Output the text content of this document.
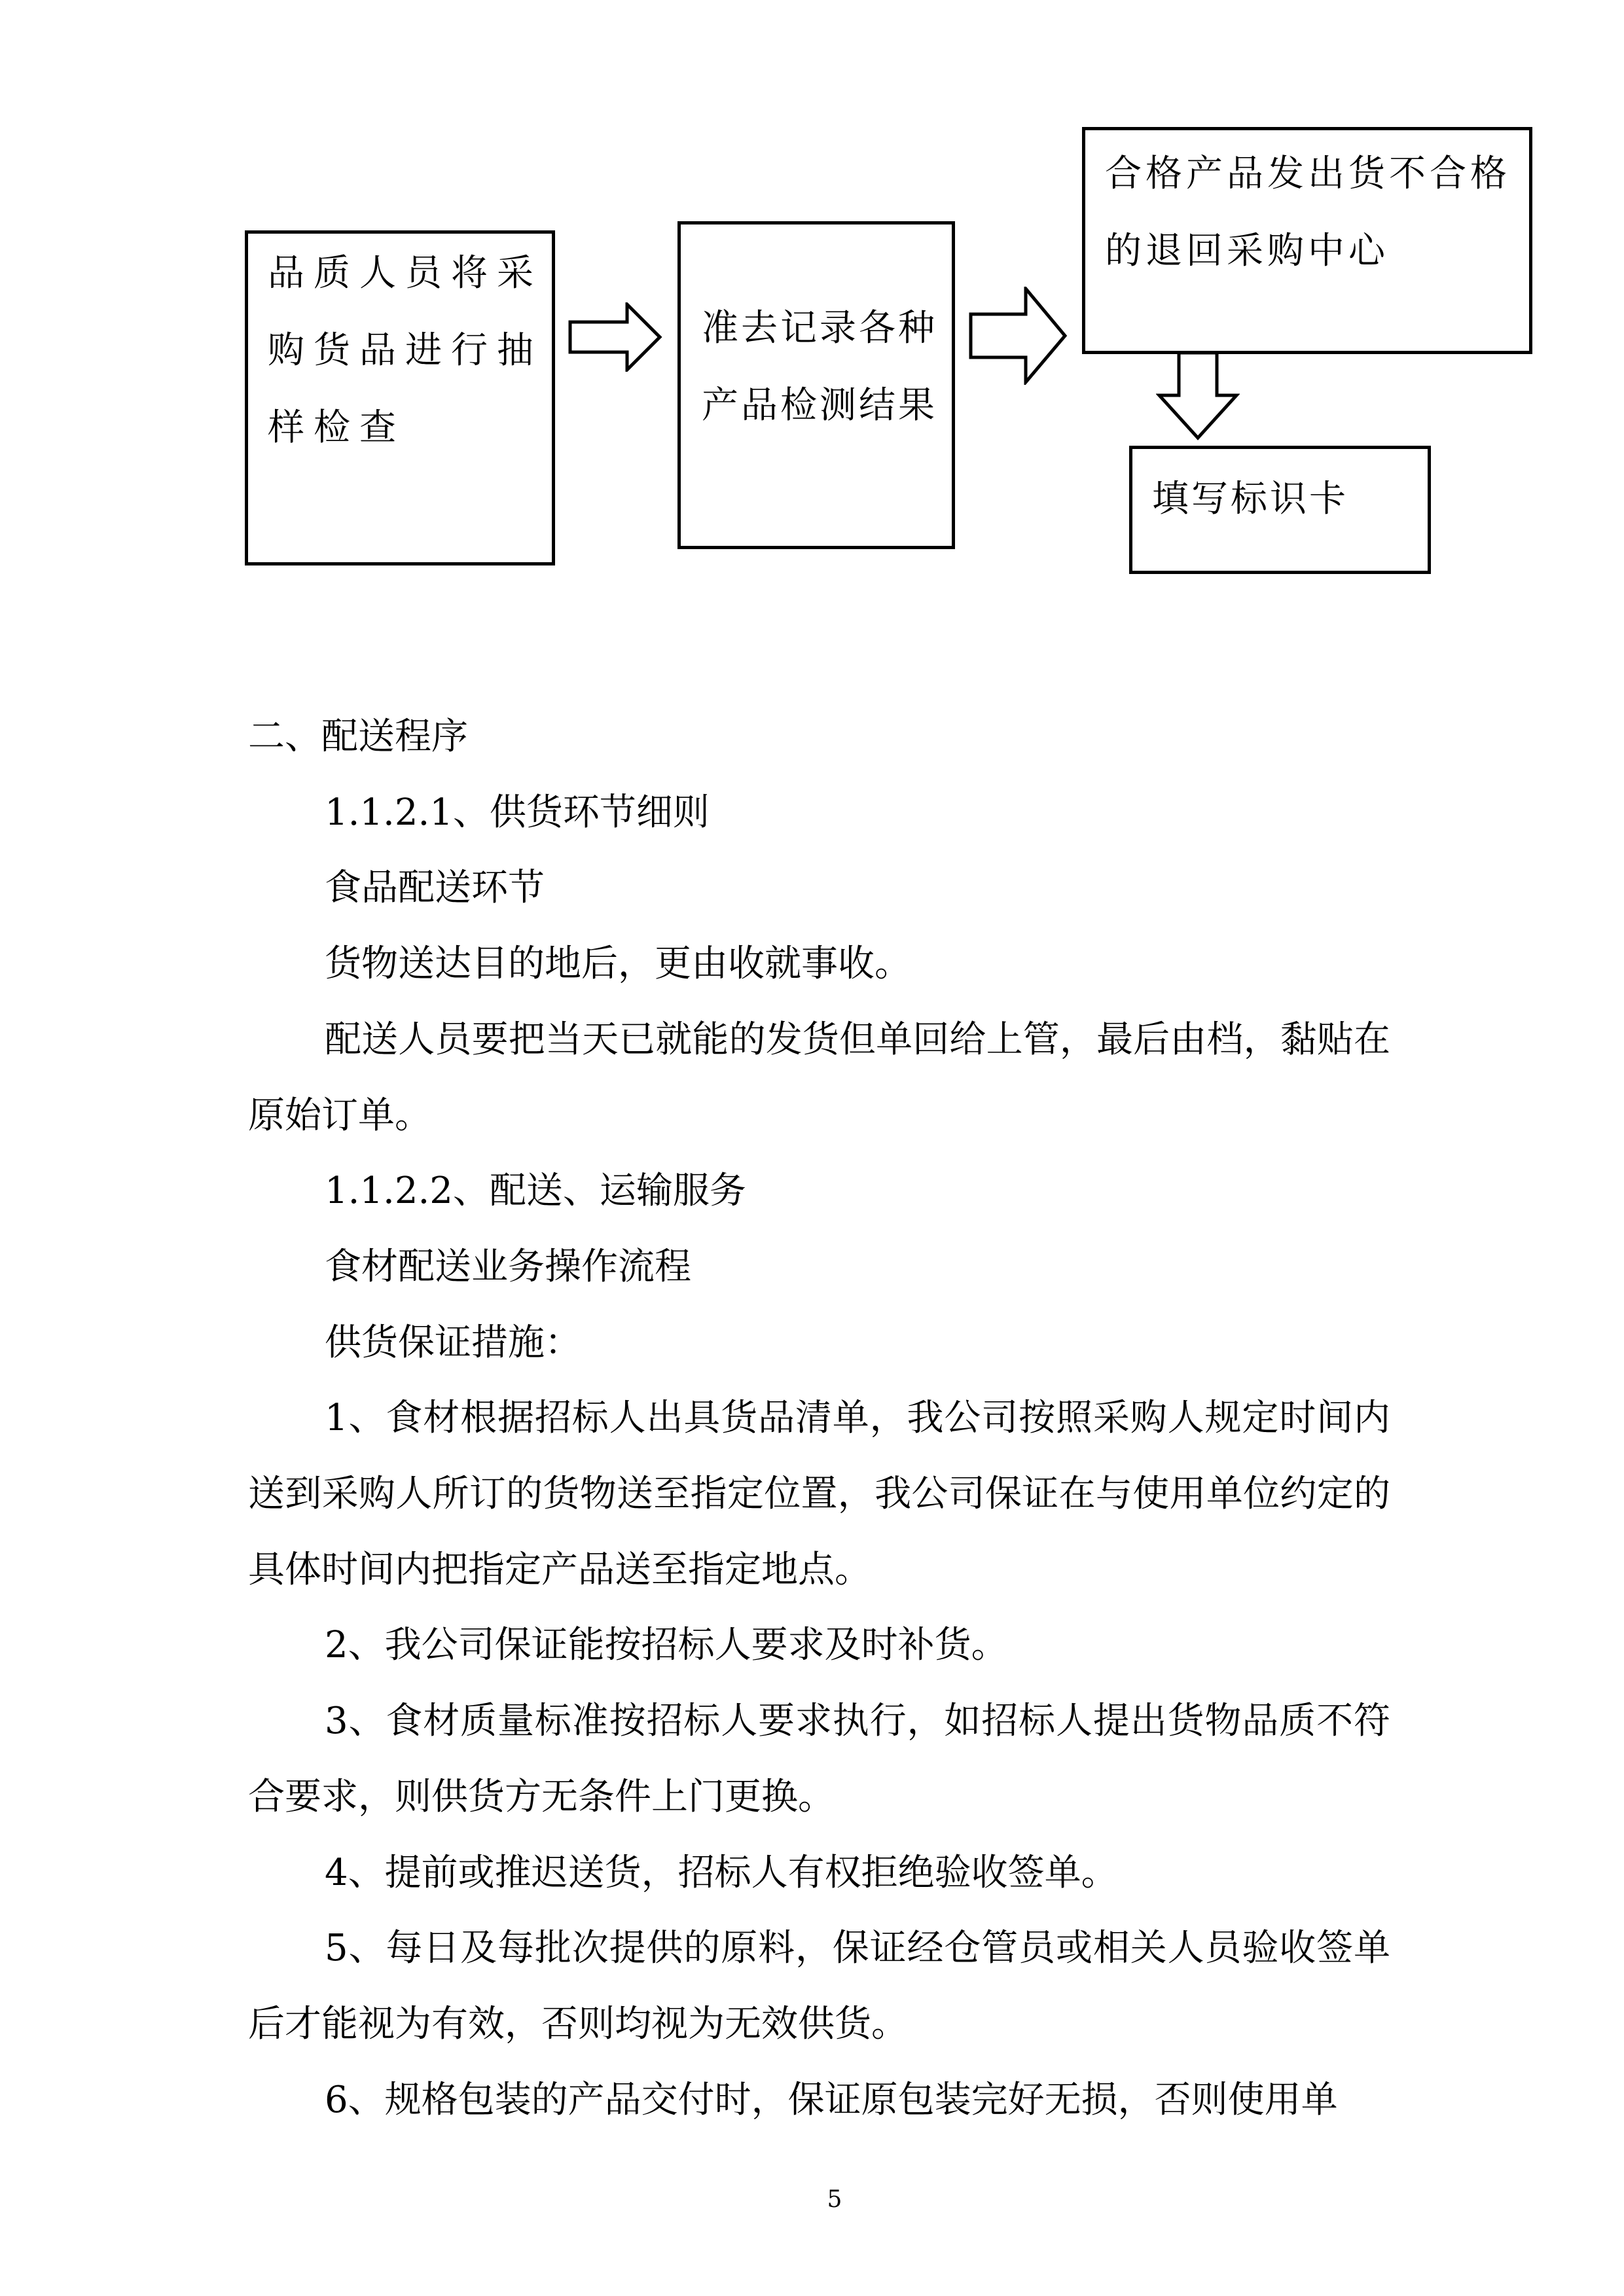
品质人员将采
购货品进行抽
样检查
准去记录各种
产品检测结果
合格产品发出货不合格
的退回采购中心
填写标识卡

二、配送程序

1.1.2.1、供货环节细则

食品配送环节

货物送达目的地后，更由收就事收。

配送人员要把当天已就能的发货但单回给上管，最后由档，黏贴在原始订单。

1.1.2.2、配送、运输服务

食材配送业务操作流程

供货保证措施：

1、食材根据招标人出具货品清单，我公司按照采购人规定时间内送到采购人所订的货物送至指定位置，我公司保证在与使用单位约定的具体时间内把指定产品送至指定地点。

2、我公司保证能按招标人要求及时补货。

3、食材质量标准按招标人要求执行，如招标人提出货物品质不符合要求，则供货方无条件上门更换。

4、提前或推迟送货，招标人有权拒绝验收签单。

5、每日及每批次提供的原料，保证经仓管员或相关人员验收签单后才能视为有效，否则均视为无效供货。

6、规格包装的产品交付时，保证原包装完好无损，否则使用单

5
